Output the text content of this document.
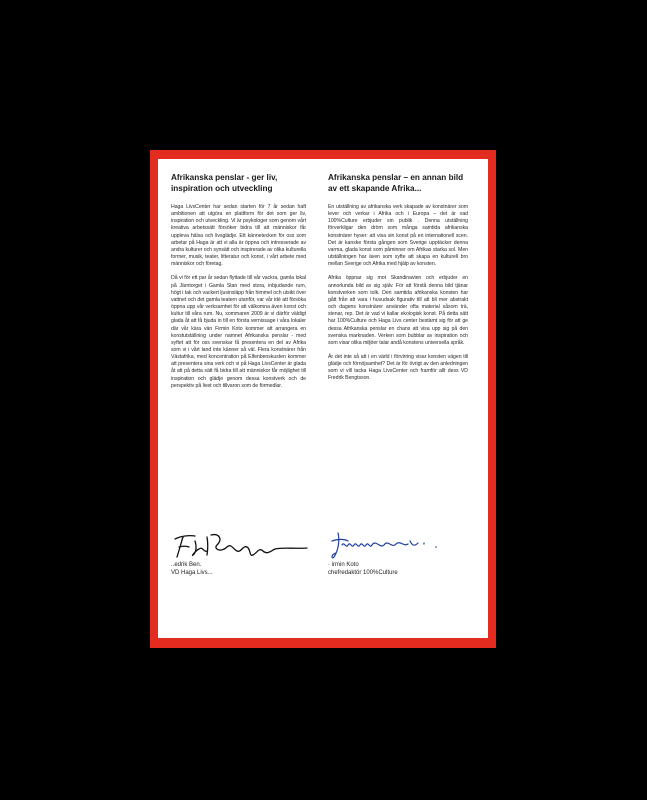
Afrikanska penslar - ger liv, inspiration och utveckling

Haga LivsCenter har sedan starten för 7 år sedan haft ambitionen att utgöra en plattform för det som ger liv, inspiration och utveckling. Vi är psykologer som genom vårt kreativa arbetssätt försöker bidra till att människor får uppleva hälsa och livsglädje. Ett kännetecken för oss som arbetar på Haga är att vi alla är öppna och intresserade av andra kulturer och synsätt och inspirerade av olika kulturella former, musik, teater, litteratur och konst, i vårt arbete med människor och företag.

Då vi för ett par år sedan flyttade till vår vackra, gamla lokal på Järntorget i Gamla Stan med stora, inbjudande rum, högt i tak och vackert ljusinsläpp från himmel och utsikt över vattnet och det gamla teatern utanför, var vår idé att försöka öppna upp vår verksamhet för att välkomna även konst och kultur till våra rum. Nu, sommaren 2009 är vi därför väldigt glada åt att få bjuda in till en första vernissage i våra lokaler där vår kära vän Firmin Koto kommer att arrangera en konstutställning under namnet Afrikanska penslar - med syftet att för oss svenskar få presentera en del av Afrika som vi i vårt land inte känner så väl. Flera konstnärer från Västafrika, med koncentration på Elfenbenskusten kommer att presentera sina verk och vi på Haga LivsCenter är glada åt att på detta sätt få bidra till att människor får möjlighet till inspiration och glädje genom dessa konstverk och de perspektiv på livet och tillvaron som de förmedlar.

Afrikanska penslar – en annan bild av ett skapande Afrika...

En utställning av afrikanska verk skapade av konstnärer som lever och verkar i Afrika och i Europa – det är vad 100%Culture erbjuder sin publik . Denna utställning förverkligar den dröm som många samtida afrikanska konstnärer hyser: att visa sin konst på en internationell scen. Det är kanske första gången som Sverige upptäcker denna varma, glada konst som påminner om Afrikas starka sol. Men utställningen har även som syfte att skapa en kulturell bro mellan Sverige och Afrika med hjälp av konsten.

Afrika öppnar sig mot Skandinavien och erbjuder en annorlunda bild av sig själv. För att förstå denna bild tjänar konstverken som tolk. Den samtida afrikanska konsten har gått från att vara i huvudsak figurativ till att bli mer abstrakt och dagens konstnärer använder ofta material såsom trä, stenar, rep. Det är vad vi kallar ekologisk konst. På detta sätt har 100%Culture och Haga Livs center bestämt sig för att ge dessa Afrikanska penslar en chans att visa upp sig på den svenska marknaden. Verken som bubblar av inspiration och som visar olika miljöer talar andå konstens universella språk.

Är det inte så att i en värld i förvirring visar konsten vägen till glädje och förnöjsamhet? Det är för övrigt av den anledningen som vi vill tacka Haga LivsCenter och framför allt dess VD Fredrik Bengtsson.

..edrik Ben.
VD Haga Livs...
· irmin Koto
chefredaktör 100%Culture
